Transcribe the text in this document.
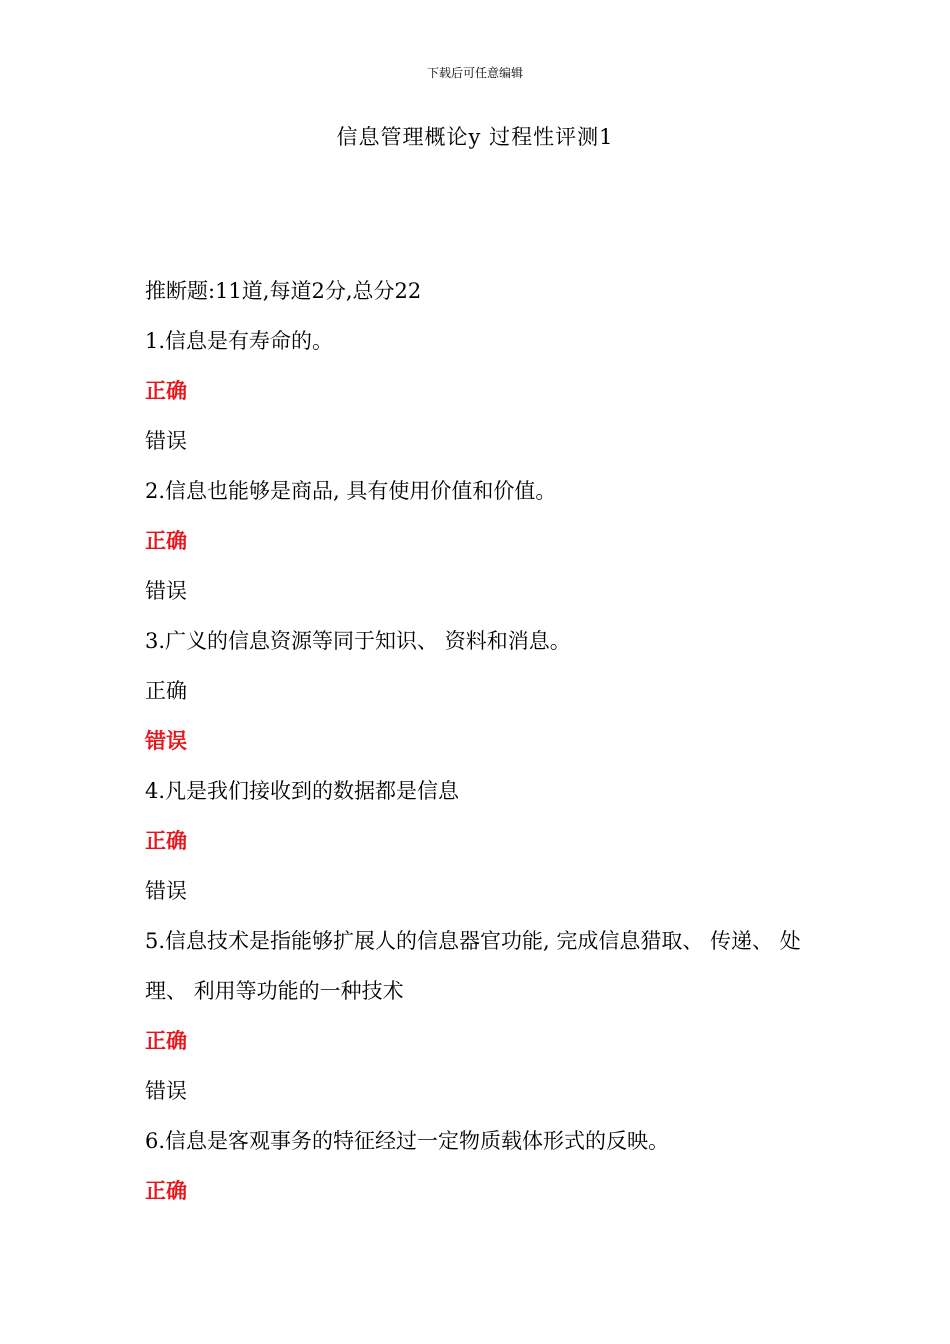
下载后可任意编辑
信息管理概论y 过程性评测1
推断题:11道,每道2分,总分22
1.信息是有寿命的。
正确
错误
2.信息也能够是商品, 具有使用价值和价值。
正确
错误
3.广义的信息资源等同于知识、 资料和消息。
正确
错误
4.凡是我们接收到的数据都是信息
正确
错误
5.信息技术是指能够扩展人的信息器官功能, 完成信息猎取、 传递、 处理、 利用等功能的一种技术
正确
错误
6.信息是客观事务的特征经过一定物质载体形式的反映。
正确
